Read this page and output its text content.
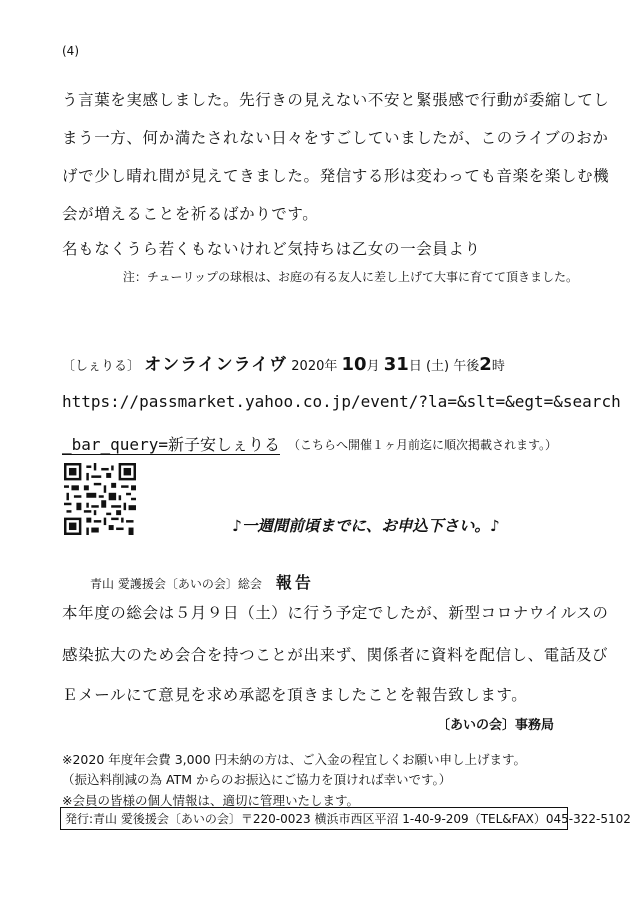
(4)
う言葉を実感しました。先行きの見えない不安と緊張感で行動が委縮してし
まう一方、何か満たされない日々をすごしていましたが、このライブのおか
げで少し晴れ間が見えてきました。発信する形は変わっても音楽を楽しむ機
会が増えることを祈るばかりです。
名もなくうら若くもないけれど気持ちは乙女の一会員より
注：チューリップの球根は、お庭の有る友人に差し上げて大事に育てて頂きました。
〔しぇりる〕 オンラインライヴ 2020年 10月 31日 (土) 午後2時
https://passmarket.yahoo.co.jp/event/?la=&slt=&egt=&search
_bar_query=新子安しぇりる （こちらへ開催１ヶ月前迄に順次掲載されます。）
♪一週間前頃までに、お申込下さい。♪
青山 愛護援会〔あいの会〕総会 報告
本年度の総会は５月９日（土）に行う予定でしたが、新型コロナウイルスの
感染拡大のため会合を持つことが出来ず、関係者に資料を配信し、電話及び
Ｅメールにて意見を求め承認を頂きましたことを報告致します。
〔あいの会〕事務局
※2020 年度年会費 3,000 円未納の方は、ご入金の程宜しくお願い申し上げます。
（振込料削減の為 ATM からのお振込にご協力を頂ければ幸いです。）
※会員の皆様の個人情報は、適切に管理いたします。
発行:青山 愛後援会〔あいの会〕〒220-0023 横浜市西区平沼 1-40-9-209（TEL&FAX）045-322-5102
